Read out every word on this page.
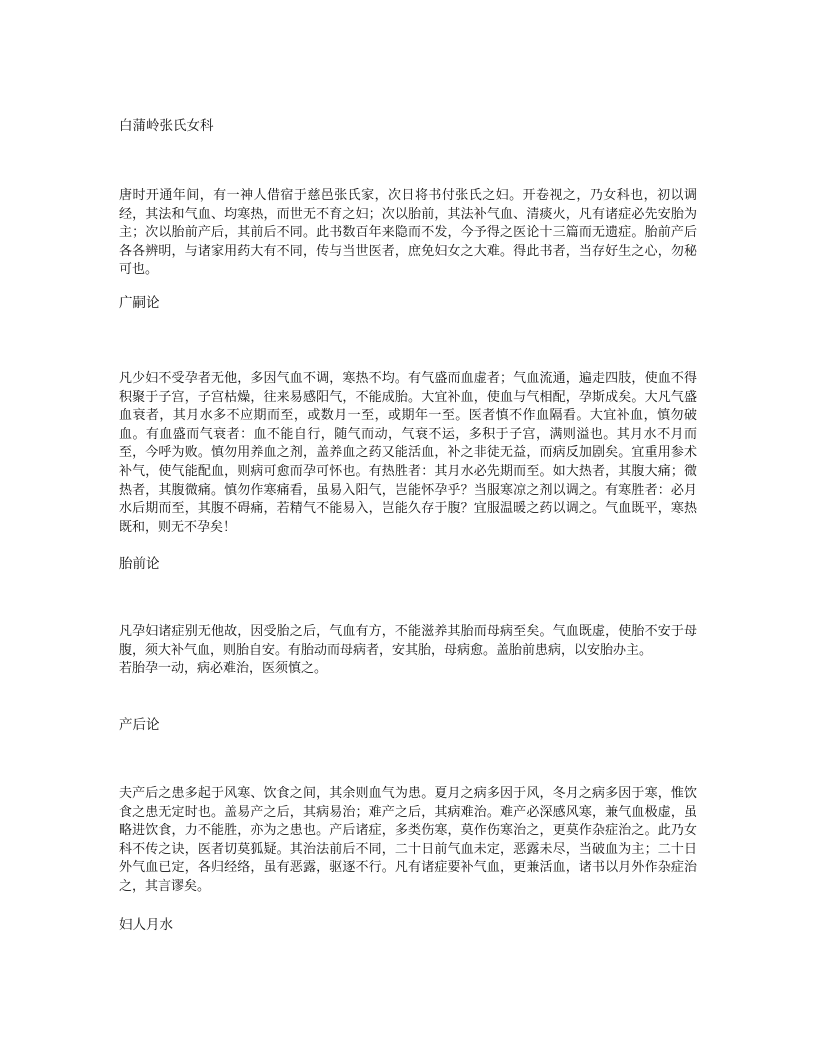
白蒲岭张氏女科

唐时开通年间，有一神人借宿于慈邑张氏家，次日将书付张氏之妇。开卷视之，乃女科也，初以调经，其法和气血、均寒热，而世无不育之妇；次以胎前，其法补气血、清痰火，凡有诸症必先安胎为主；次以胎前产后，其前后不同。此书数百年来隐而不发，今予得之医论十三篇而无遗症。胎前产后各各辨明，与诸家用药大有不同，传与当世医者，庶免妇女之大难。得此书者，当存好生之心，勿秘可也。

广嗣论

凡少妇不受孕者无他，多因气血不调，寒热不均。有气盛而血虚者；气血流通，遍走四肢，使血不得积聚于子宫，子宫枯燥，往来易感阳气，不能成胎。大宜补血，使血与气相配，孕斯成矣。大凡气盛血衰者，其月水多不应期而至，或数月一至，或期年一至。医者慎不作血隔看。大宜补血，慎勿破血。有血盛而气衰者：血不能自行，随气而动，气衰不运，多积于子宫，满则溢也。其月水不月而至，今呼为败。慎勿用养血之剂，盖养血之药又能活血，补之非徒无益，而病反加剧矣。宜重用参术补气，使气能配血，则病可愈而孕可怀也。有热胜者：其月水必先期而至。如大热者，其腹大痛；微热者，其腹微痛。慎勿作寒痛看，虽易入阳气，岂能怀孕乎？当服寒凉之剂以调之。有寒胜者：必月水后期而至，其腹不碍痛，若精气不能易入，岂能久存于腹？宜服温暖之药以调之。气血既平，寒热既和，则无不孕矣！

胎前论

凡孕妇诸症别无他故，因受胎之后，气血有方，不能滋养其胎而母病至矣。气血既虚，使胎不安于母腹，须大补气血，则胎自安。有胎动而母病者，安其胎，母病愈。盖胎前患病，以安胎办主。

若胎孕一动，病必难治，医须慎之。

产后论

夫产后之患多起于风寒、饮食之间，其余则血气为患。夏月之病多因于风，冬月之病多因于寒，惟饮食之患无定时也。盖易产之后，其病易治；难产之后，其病难治。难产必深感风寒，兼气血极虚，虽略进饮食，力不能胜，亦为之患也。产后诸症，多类伤寒，莫作伤寒治之，更莫作杂症治之。此乃女科不传之诀，医者切莫狐疑。其治法前后不同，二十日前气血未定，恶露未尽，当破血为主；二十日外气血已定，各归经络，虽有恶露，驱逐不行。凡有诸症要补气血，更兼活血，诸书以月外作杂症治之，其言谬矣。

妇人月水
